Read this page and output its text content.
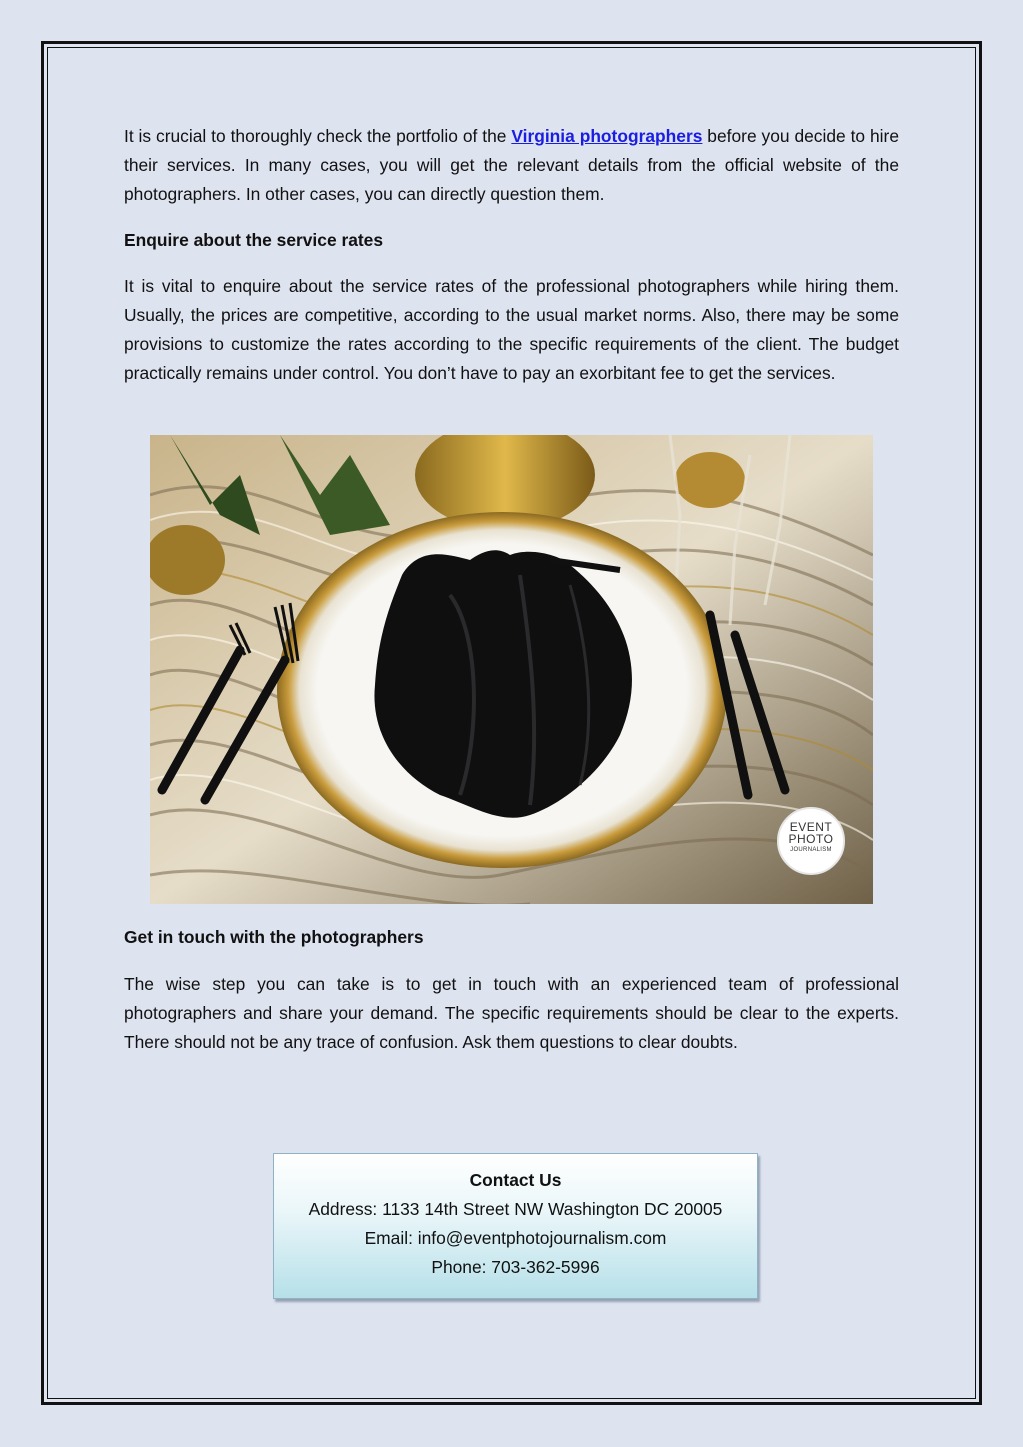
It is crucial to thoroughly check the portfolio of the Virginia photographers before you decide to hire their services. In many cases, you will get the relevant details from the official website of the photographers. In other cases, you can directly question them.

Enquire about the service rates
It is vital to enquire about the service rates of the professional photographers while hiring them. Usually, the prices are competitive, according to the usual market norms. Also, there may be some provisions to customize the rates according to the specific requirements of the client. The budget practically remains under control. You don’t have to pay an exorbitant fee to get the services.
EVENT
PHOTO
JOURNALISM
Get in touch with the photographers
The wise step you can take is to get in touch with an experienced team of professional photographers and share your demand. The specific requirements should be clear to the experts. There should not be any trace of confusion. Ask them questions to clear doubts.
Contact Us
Address: 1133 14th Street NW Washington DC 20005
Email: info@eventphotojournalism.com
Phone: 703-362-5996
